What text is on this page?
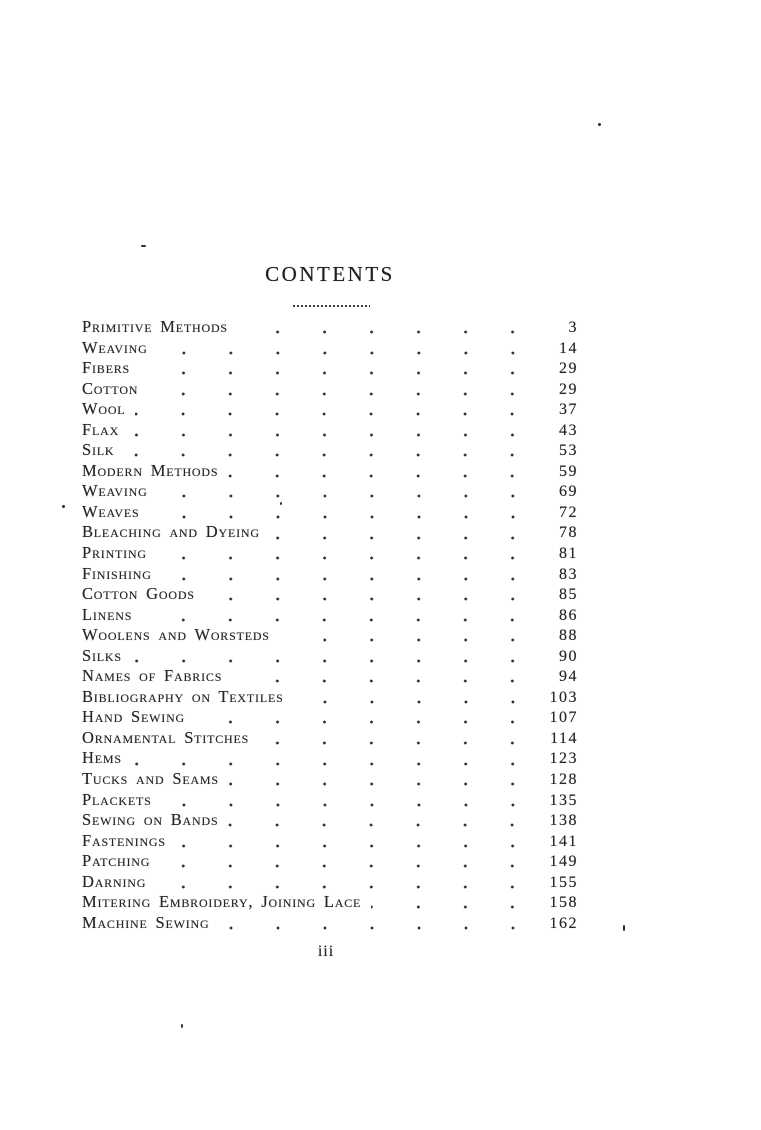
CONTENTS
Primitive Methods	3
Weaving	14
Fibers	29
Cotton	29
Wool	37
Flax	43
Silk	53
Modern Methods	59
Weaving	69
Weaves	72
Bleaching and Dyeing	78
Printing	81
Finishing	83
Cotton Goods	85
Linens	86
Woolens and Worsteds	88
Silks	90
Names of Fabrics	94
Bibliography on Textiles	103
Hand Sewing	107
Ornamental Stitches	114
Hems	123
Tucks and Seams	128
Plackets	135
Sewing on Bands	138
Fastenings	141
Patching	149
Darning	155
Mitering Embroidery, Joining Lace	158
Machine Sewing	162
iii
